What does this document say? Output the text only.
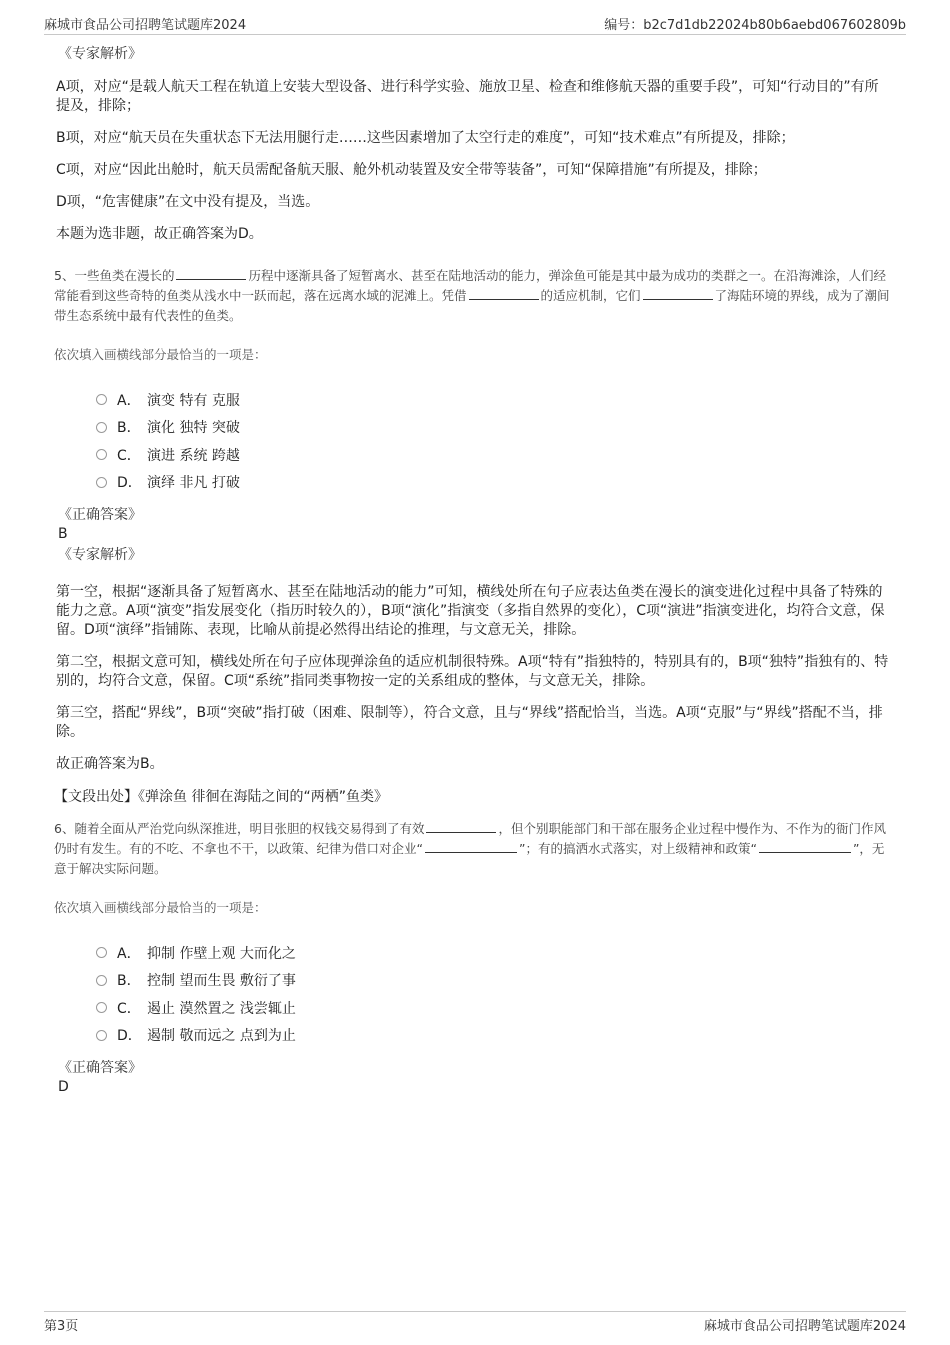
麻城市食品公司招聘笔试题库2024	编号：b2c7d1db22024b80b6aebd067602809b
《专家解析》

A项，对应“是载人航天工程在轨道上安装大型设备、进行科学实验、施放卫星、检查和维修航天器的重要手段”，可知“行动目的”有所提及，排除；

B项，对应“航天员在失重状态下无法用腿行走……这些因素增加了太空行走的难度”，可知“技术难点”有所提及，排除；

C项，对应“因此出舱时，航天员需配备航天服、舱外机动装置及安全带等装备”，可知“保障措施”有所提及，排除；

D项，“危害健康”在文中没有提及，当选。

本题为选非题，故正确答案为D。

5、一些鱼类在漫长的	历程中逐渐具备了短暂离水、甚至在陆地活动的能力，弹涂鱼可能是其中最为成功的类群之一。在沿海滩涂，人们经常能看到这些奇特的鱼类从浅水中一跃而起，落在远离水域的泥滩上。凭借	的适应机制，它们	了海陆环境的界线，成为了潮间带生态系统中最有代表性的鱼类。
依次填入画横线部分最恰当的一项是：
A． 演变 特有 克服
B． 演化 独特 突破
C． 演进 系统 跨越
D． 演绎 非凡 打破
《正确答案》
B
《专家解析》

第一空，根据“逐渐具备了短暂离水、甚至在陆地活动的能力”可知，横线处所在句子应表达鱼类在漫长的演变进化过程中具备了特殊的能力之意。A项“演变”指发展变化（指历时较久的），B项“演化”指演变（多指自然界的变化），C项“演进”指演变进化，均符合文意，保留。D项“演绎”指铺陈、表现，比喻从前提必然得出结论的推理，与文意无关，排除。

第二空，根据文意可知，横线处所在句子应体现弹涂鱼的适应机制很特殊。A项“特有”指独特的，特别具有的，B项“独特”指独有的、特别的，均符合文意，保留。C项“系统”指同类事物按一定的关系组成的整体，与文意无关，排除。

第三空，搭配“界线”，B项“突破”指打破（困难、限制等），符合文意，且与“界线”搭配恰当，当选。A项“克服”与“界线”搭配不当，排除。

故正确答案为B。

【文段出处】《弹涂鱼 徘徊在海陆之间的“两栖”鱼类》
6、随着全面从严治党向纵深推进，明目张胆的权钱交易得到了有效	，但个别职能部门和干部在服务企业过程中慢作为、不作为的衙门作风仍时有发生。有的不吃、不拿也不干，以政策、纪律为借口对企业“	”；有的搞洒水式落实，对上级精神和政策“	”，无意于解决实际问题。
依次填入画横线部分最恰当的一项是：
A． 抑制 作壁上观 大而化之
B． 控制 望而生畏 敷衍了事
C． 遏止 漠然置之 浅尝辄止
D． 遏制 敬而远之 点到为止
《正确答案》
D
第3页	麻城市食品公司招聘笔试题库2024
